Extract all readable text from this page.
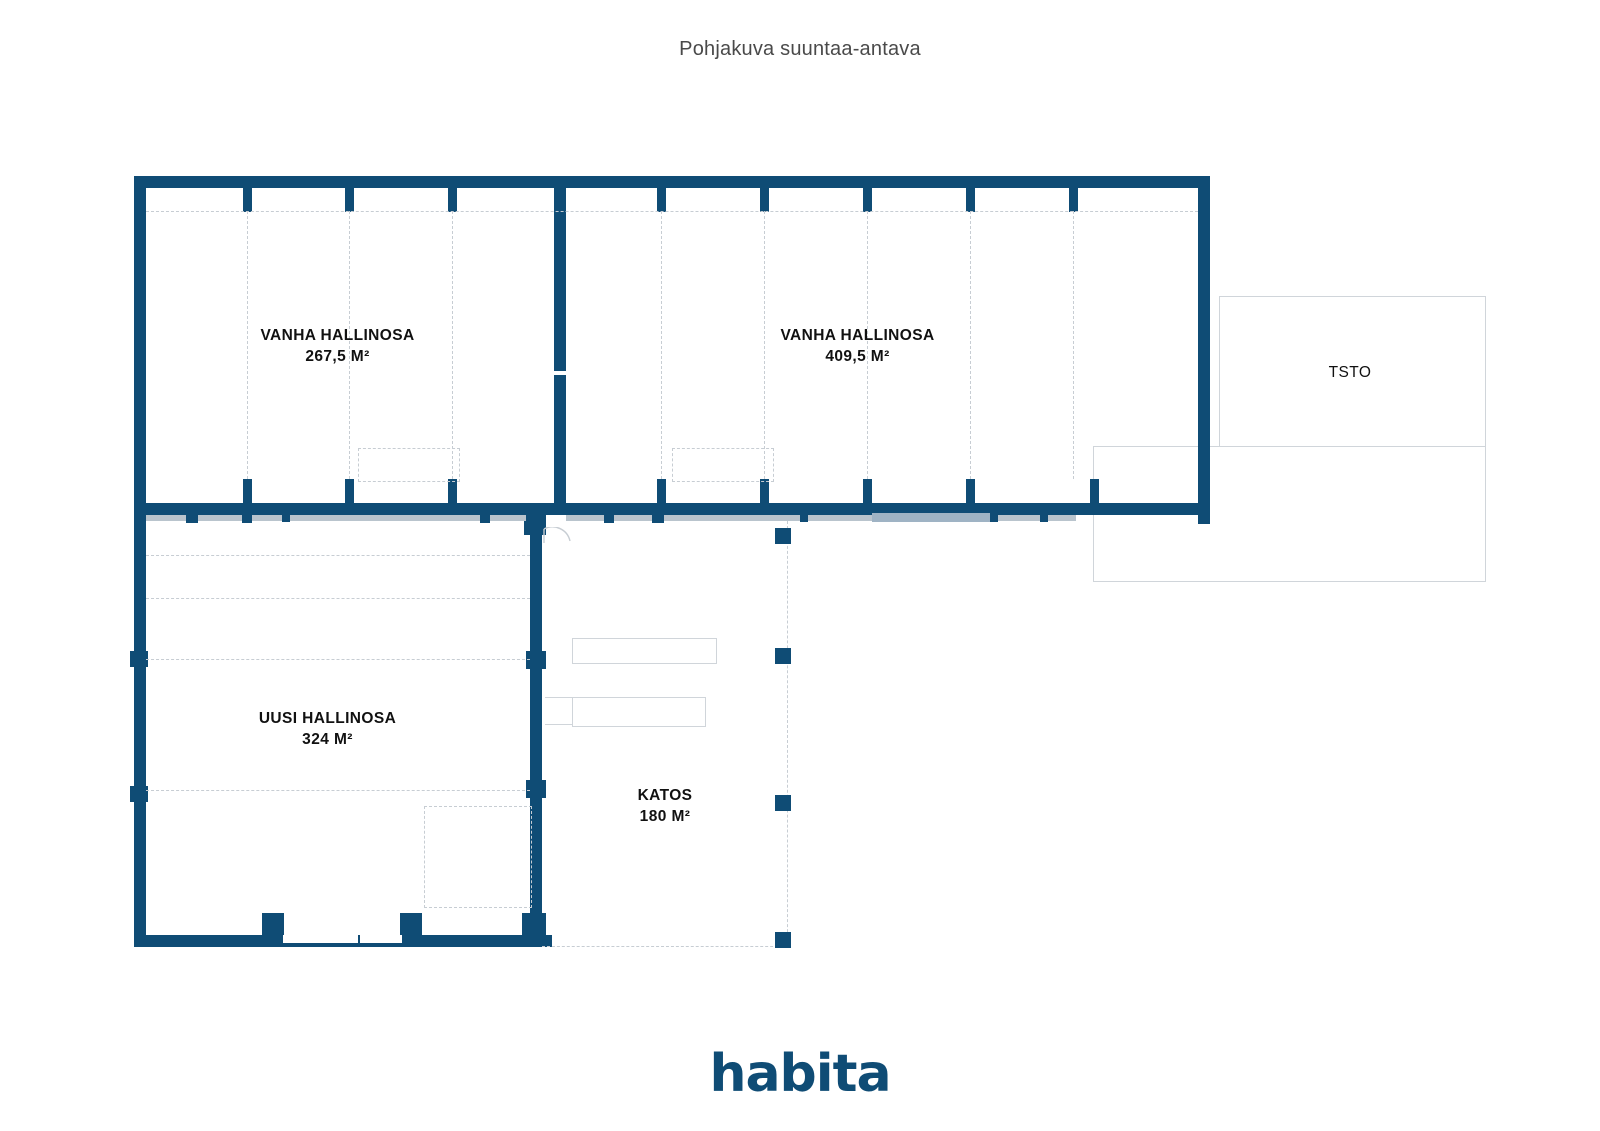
Pohjakuva suuntaa-antava
TSTO
VANHA HALLINOSA
267,5 M²
VANHA HALLINOSA
409,5 M²
UUSI HALLINOSA
324 M²
KATOS
180 M²
habita
